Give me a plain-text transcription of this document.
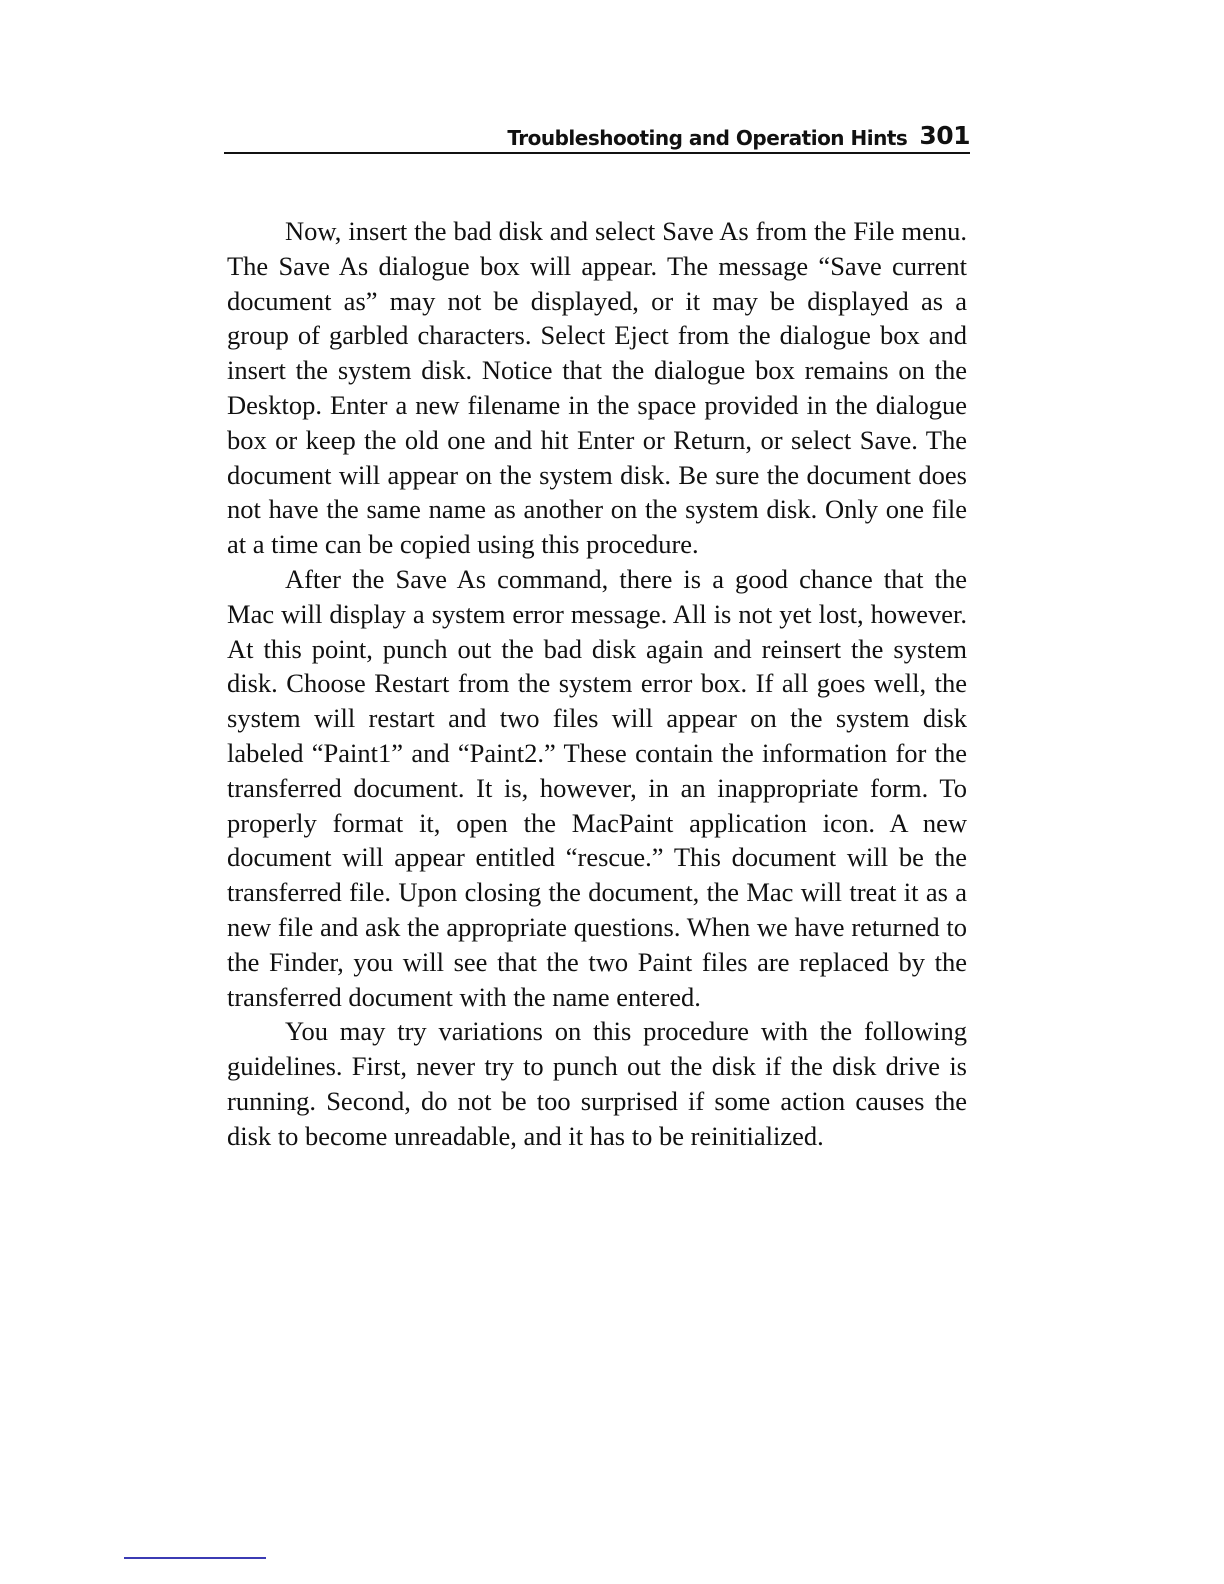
Troubleshooting and Operation Hints 301

Now, insert the bad disk and select Save As from the File menu. The Save As dialogue box will appear. The message “Save current document as” may not be displayed, or it may be displayed as a group of garbled characters. Select Eject from the dialogue box and insert the system disk. Notice that the dialogue box remains on the Desktop. Enter a new filename in the space provided in the dialogue box or keep the old one and hit Enter or Return, or select Save. The document will appear on the system disk. Be sure the document does not have the same name as another on the system disk. Only one file at a time can be copied using this procedure.

After the Save As command, there is a good chance that the Mac will display a system error message. All is not yet lost, however. At this point, punch out the bad disk again and reinsert the system disk. Choose Restart from the system error box. If all goes well, the system will restart and two files will appear on the system disk labeled “Paint1” and “Paint2.” These contain the information for the transferred document. It is, however, in an inappropriate form. To properly format it, open the MacPaint application icon. A new document will appear entitled “rescue.” This document will be the transferred file. Upon closing the document, the Mac will treat it as a new file and ask the appropriate questions. When we have returned to the Finder, you will see that the two Paint files are replaced by the transferred document with the name entered.

You may try variations on this procedure with the following guidelines. First, never try to punch out the disk if the disk drive is running. Second, do not be too surprised if some action causes the disk to become unreadable, and it has to be reinitialized.
